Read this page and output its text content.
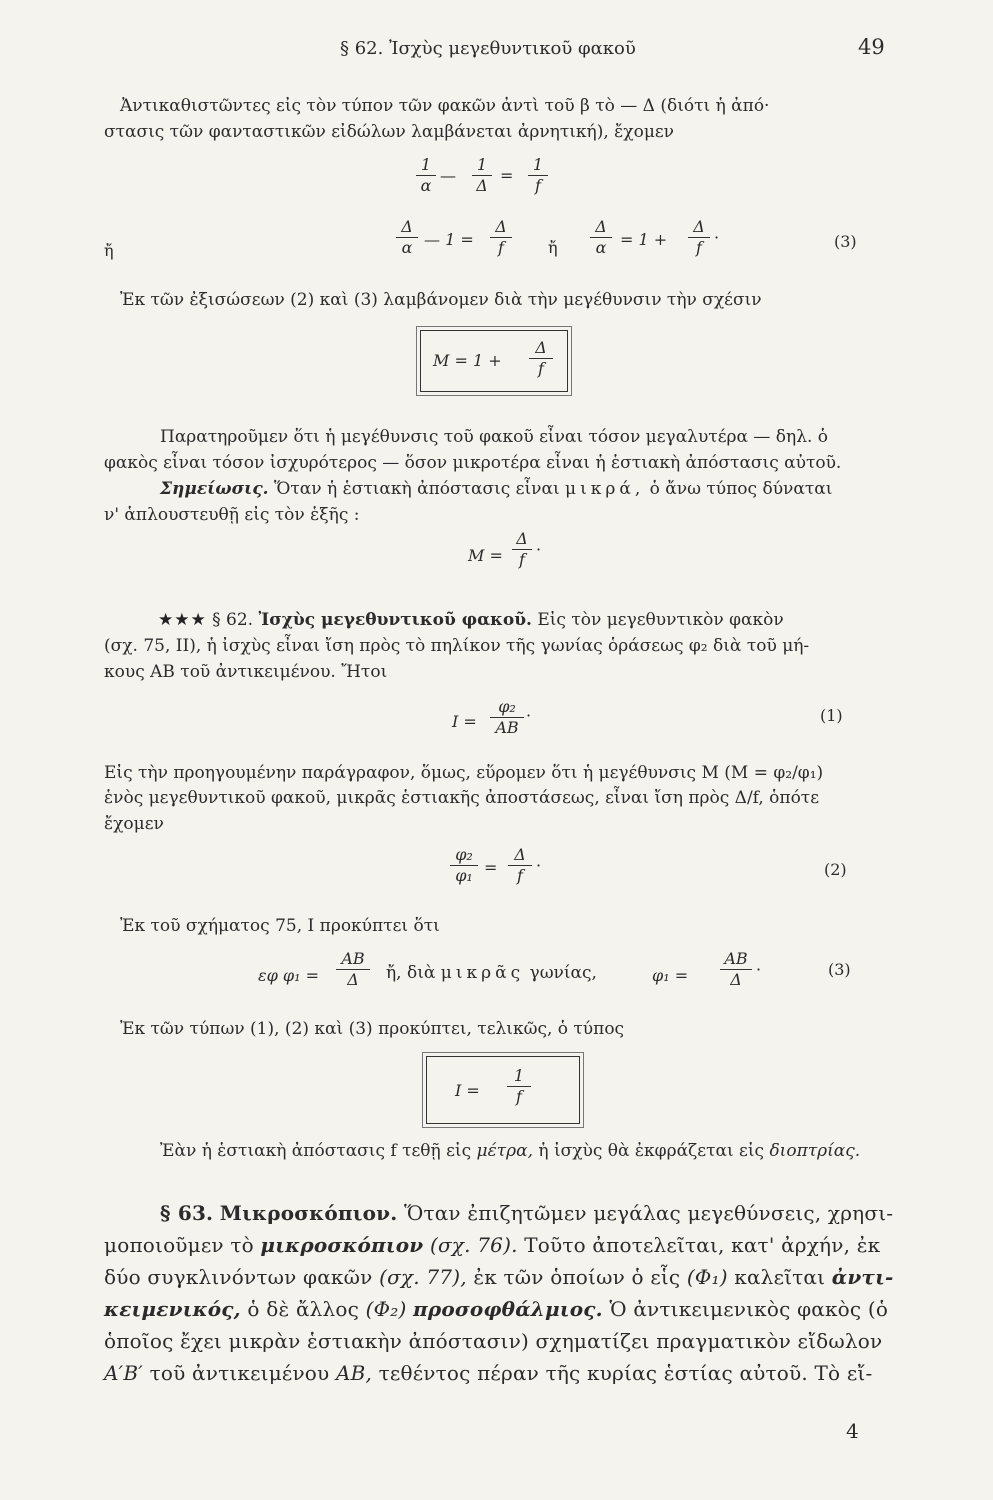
§ 62. Ἰσχὺς μεγεθυντικοῦ φακοῦ	49
Ἀντικαθιστῶντες εἰς τὸν τύπον τῶν φακῶν ἀντὶ τοῦ β τὸ — Δ (διότι ἡ ἀπό·
στασις τῶν φανταστικῶν εἰδώλων λαμβάνεται ἀρνητική), ἔχομεν
1
α
—
1
Δ
=
1
f
ἤ
Δ
α — 1 =
Δ
f	ἤ
Δ
α = 1 +
Δ
f
·	(3)
Ἐκ τῶν ἐξισώσεων (2) καὶ (3) λαμβάνομεν διὰ τὴν μεγέθυνσιν τὴν σχέσιν
M = 1 +
Δ
f
Παρατηροῦμεν ὅτι ἡ μεγέθυνσις τοῦ φακοῦ εἶναι τόσον μεγαλυτέρα — δηλ. ὁ
φακὸς εἶναι τόσον ἰσχυρότερος — ὅσον μικροτέρα εἶναι ἡ ἑστιακὴ ἀπόστασις αὐτοῦ.
Σημείωσις. Ὅταν ἡ ἑστιακὴ ἀπόστασις εἶναι μικρά, ὁ ἄνω τύπος δύναται
ν' ἁπλουστευθῇ εἰς τὸν ἑξῆς :
M =
Δ
f
·
★★★ § 62. Ἰσχὺς μεγεθυντικοῦ φακοῦ. Εἰς τὸν μεγεθυντικὸν φακὸν
(σχ. 75, II), ἡ ἰσχὺς εἶναι ἴση πρὸς τὸ πηλίκον τῆς γωνίας ὁράσεως φ₂ διὰ τοῦ μή-
κους AB τοῦ ἀντικειμένου. Ἤτοι
I =
φ₂
AB
·	(1)
Εἰς τὴν προηγουμένην παράγραφον, ὅμως, εὕρομεν ὅτι ἡ μεγέθυνσις M (M = φ₂/φ₁)
ἑνὸς μεγεθυντικοῦ φακοῦ, μικρᾶς ἑστιακῆς ἀποστάσεως, εἶναι ἴση πρὸς Δ/f, ὁπότε
ἔχομεν
φ₂
φ₁ =
Δ
f
·	(2)
Ἐκ τοῦ σχήματος 75, I προκύπτει ὅτι
εφ φ₁ =
AB
Δ	ἤ, διὰ μικρᾶς γωνίας,	φ₁ =
AB
Δ
·	(3)
Ἐκ τῶν τύπων (1), (2) καὶ (3) προκύπτει, τελικῶς, ὁ τύπος
I =
1
f
Ἐὰν ἡ ἑστιακὴ ἀπόστασις f τεθῇ εἰς μέτρα, ἡ ἰσχὺς θὰ ἐκφράζεται εἰς διοπτρίας.
§ 63. Μικροσκόπιον. Ὅταν ἐπιζητῶμεν μεγάλας μεγεθύνσεις, χρησι-
μοποιοῦμεν τὸ μικροσκόπιον (σχ. 76). Τοῦτο ἀποτελεῖται, κατ' ἀρχήν, ἐκ
δύο συγκλινόντων φακῶν (σχ. 77), ἐκ τῶν ὁποίων ὁ εἷς (Φ₁) καλεῖται ἀντι-
κειμενικός, ὁ δὲ ἄλλος (Φ₂) προσοφθάλμιος. Ὁ ἀντικειμενικὸς φακὸς (ὁ
ὁποῖος ἔχει μικρὰν ἑστιακὴν ἀπόστασιν) σχηματίζει πραγματικὸν εἴδωλον
A′B′ τοῦ ἀντικειμένου AB, τεθέντος πέραν τῆς κυρίας ἑστίας αὐτοῦ. Τὸ εἴ-
4
